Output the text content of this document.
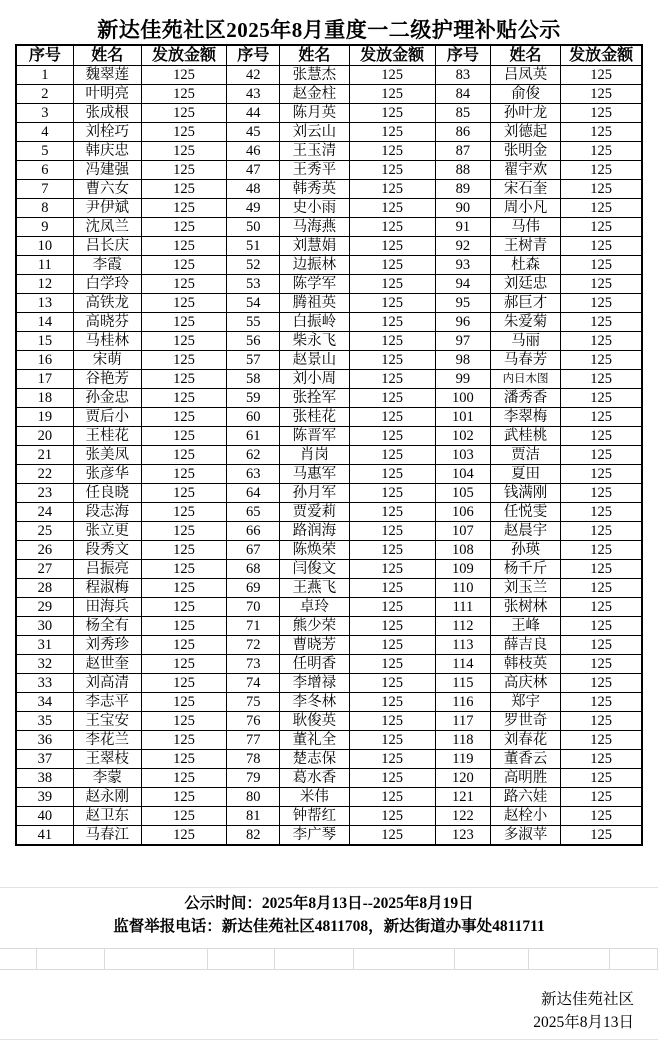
新达佳苑社区2025年8月重度一二级护理补贴公示
序号	姓名	发放金额	序号	姓名	发放金额	序号	姓名	发放金额
1	魏翠莲	125	42	张慧杰	125	83	吕凤英	125
2	叶明亮	125	43	赵金柱	125	84	俞俊	125
3	张成根	125	44	陈月英	125	85	孙叶龙	125
4	刘栓巧	125	45	刘云山	125	86	刘德起	125
5	韩庆忠	125	46	王玉清	125	87	张明金	125
6	冯建强	125	47	王秀平	125	88	翟宇欢	125
7	曹六女	125	48	韩秀英	125	89	宋石奎	125
8	尹伊斌	125	49	史小雨	125	90	周小凡	125
9	沈凤兰	125	50	马海燕	125	91	马伟	125
10	吕长庆	125	51	刘慧娟	125	92	王树青	125
11	李霞	125	52	边振林	125	93	杜森	125
12	白学玲	125	53	陈学军	125	94	刘廷忠	125
13	高铁龙	125	54	腾祖英	125	95	郝巨才	125
14	高晓芬	125	55	白振岭	125	96	朱爱菊	125
15	马桂林	125	56	柴永飞	125	97	马丽	125
16	宋萌	125	57	赵景山	125	98	马春芳	125
17	谷艳芳	125	58	刘小周	125	99	内日木图	125
18	孙金忠	125	59	张拴军	125	100	潘秀香	125
19	贾后小	125	60	张桂花	125	101	李翠梅	125
20	王桂花	125	61	陈晋军	125	102	武桂桃	125
21	张美凤	125	62	肖岗	125	103	贾洁	125
22	张彦华	125	63	马惠军	125	104	夏田	125
23	任良晓	125	64	孙月军	125	105	钱满刚	125
24	段志海	125	65	贾爱莉	125	106	任悦雯	125
25	张立更	125	66	路润海	125	107	赵晨宇	125
26	段秀文	125	67	陈焕荣	125	108	孙瑛	125
27	吕振亮	125	68	闫俊文	125	109	杨千斤	125
28	程淑梅	125	69	王燕飞	125	110	刘玉兰	125
29	田海兵	125	70	卓玲	125	111	张树林	125
30	杨全有	125	71	熊少荣	125	112	王峰	125
31	刘秀珍	125	72	曹晓芳	125	113	薛吉良	125
32	赵世奎	125	73	任明香	125	114	韩枝英	125
33	刘高清	125	74	李增禄	125	115	高庆林	125
34	李志平	125	75	李冬林	125	116	郑宇	125
35	王宝安	125	76	耿俊英	125	117	罗世奇	125
36	李花兰	125	77	董礼全	125	118	刘春花	125
37	王翠枝	125	78	楚志保	125	119	董香云	125
38	李蒙	125	79	葛水香	125	120	高明胜	125
39	赵永刚	125	80	米伟	125	121	路六娃	125
40	赵卫东	125	81	钟帮红	125	122	赵栓小	125
41	马春江	125	82	李广琴	125	123	多淑苹	125
公示时间：2025年8月13日--2025年8月19日
监督举报电话：新达佳苑社区4811708，新达街道办事处4811711
新达佳苑社区
2025年8月13日
